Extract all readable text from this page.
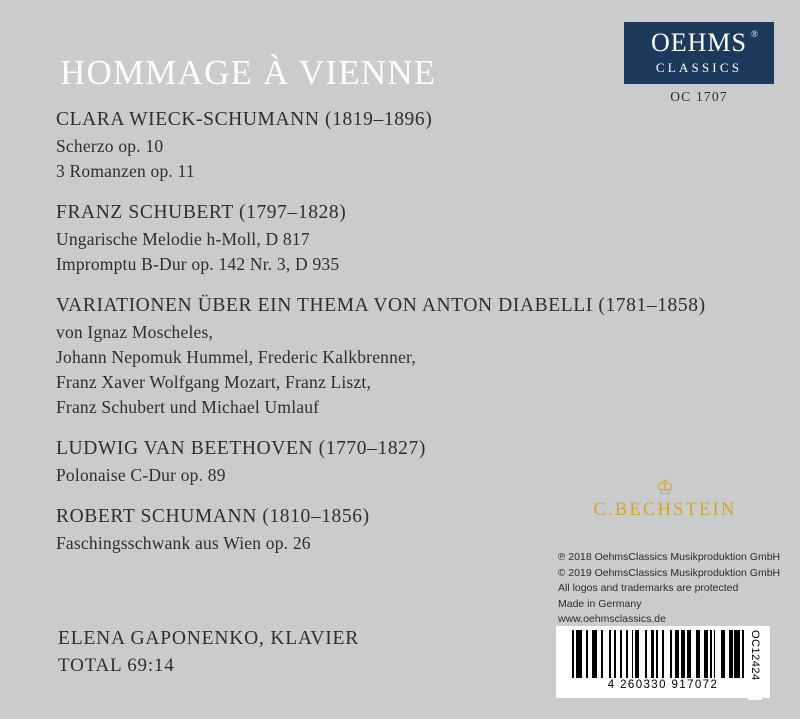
HOMMAGE À VIENNE
OEHMS ®
CLASSICS
OC 1707
CLARA WIECK-SCHUMANN (1819–1896)
Scherzo op. 10
3 Romanzen op. 11
FRANZ SCHUBERT (1797–1828)
Ungarische Melodie h-Moll, D 817
Impromptu B-Dur op. 142 Nr. 3, D 935
VARIATIONEN ÜBER EIN THEMA VON ANTON DIABELLI (1781–1858)
von Ignaz Moscheles,
Johann Nepomuk Hummel, Frederic Kalkbrenner,
Franz Xaver Wolfgang Mozart, Franz Liszt,
Franz Schubert und Michael Umlauf
LUDWIG VAN BEETHOVEN (1770–1827)
Polonaise C-Dur op. 89
ROBERT SCHUMANN (1810–1856)
Faschingsschwank aus Wien op. 26
ELENA GAPONENKO, KLAVIER
TOTAL 69:14
♔
C.BECHSTEIN
℗ 2018 OehmsClassics Musikproduktion GmbH
© 2019 OehmsClassics Musikproduktion GmbH
All logos and trademarks are protected
Made in Germany
www.oehmsclassics.de
4 260330 917072
OC12424
